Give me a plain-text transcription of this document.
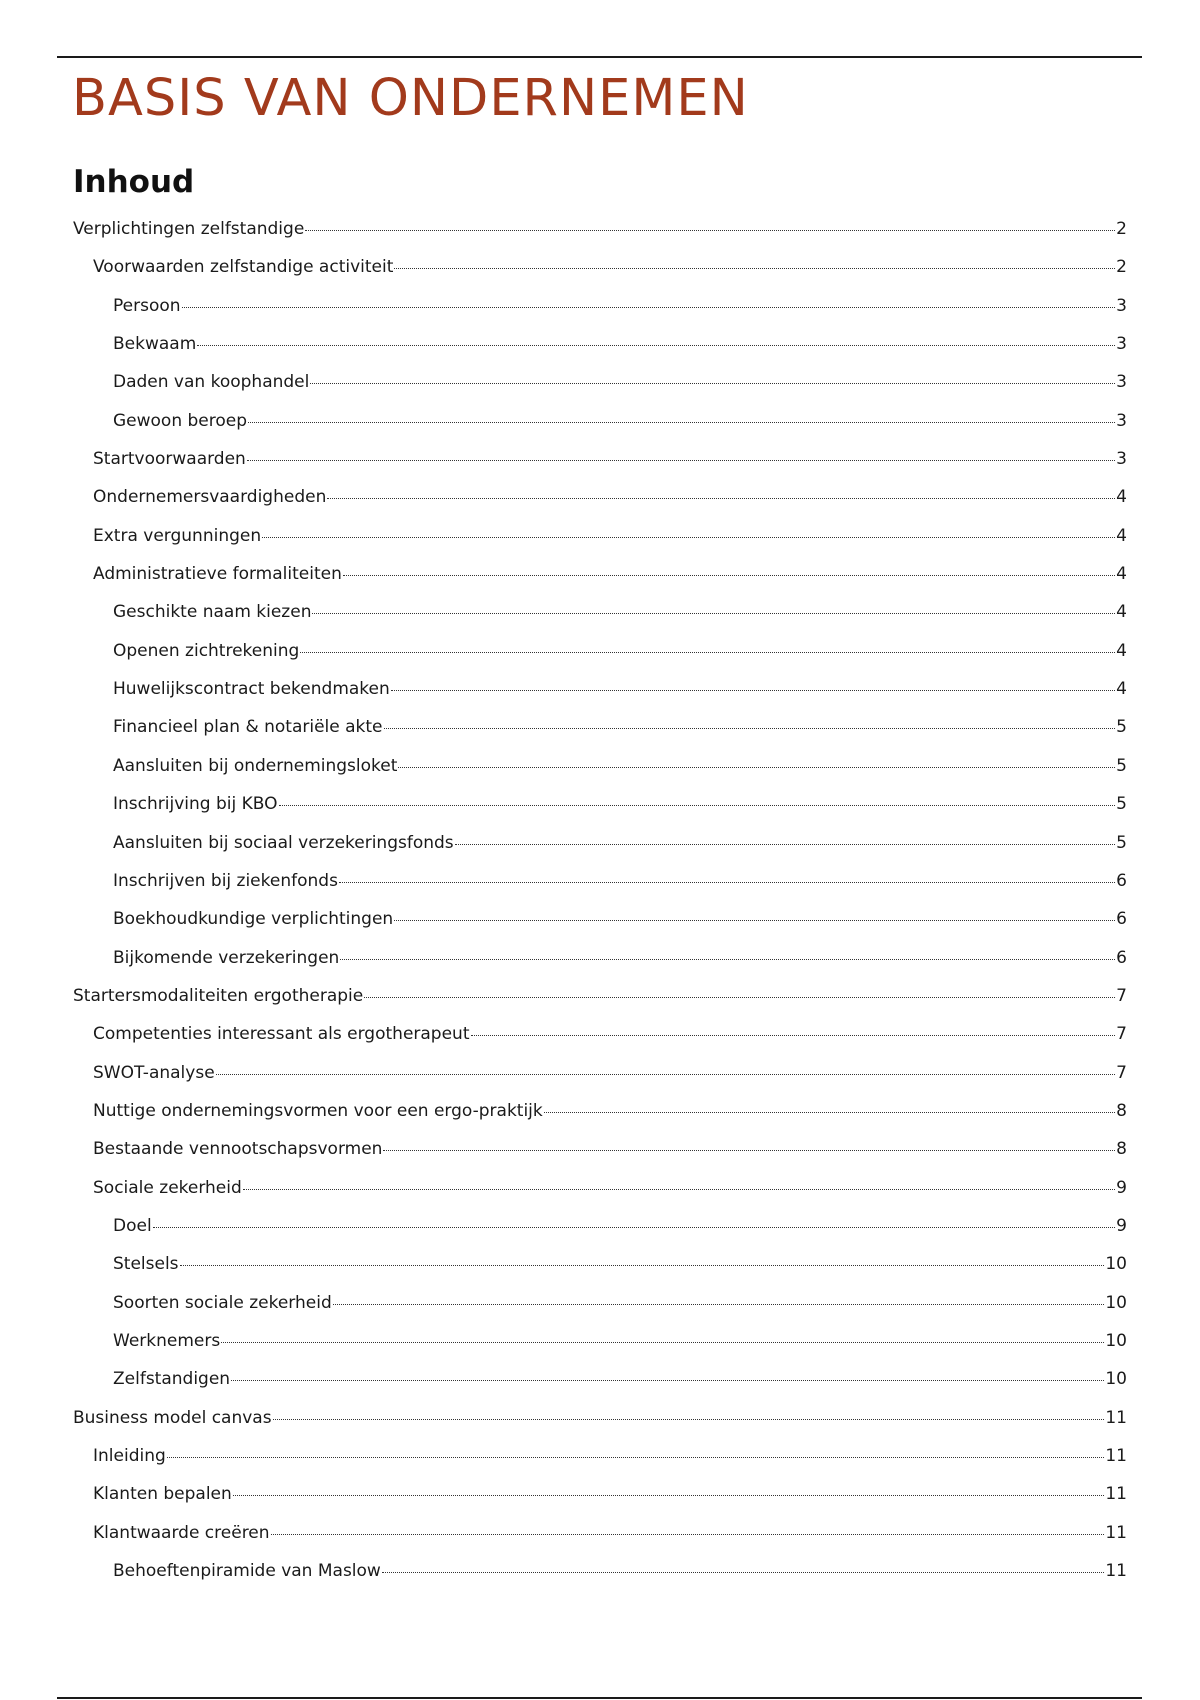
BASIS VAN ONDERNEMEN
Inhoud
Verplichtingen zelfstandige	2
Voorwaarden zelfstandige activiteit	2
Persoon	3
Bekwaam	3
Daden van koophandel	3
Gewoon beroep	3
Startvoorwaarden	3
Ondernemersvaardigheden	4
Extra vergunningen	4
Administratieve formaliteiten	4
Geschikte naam kiezen	4
Openen zichtrekening	4
Huwelijkscontract bekendmaken	4
Financieel plan & notariële akte	5
Aansluiten bij ondernemingsloket	5
Inschrijving bij KBO	5
Aansluiten bij sociaal verzekeringsfonds	5
Inschrijven bij ziekenfonds	6
Boekhoudkundige verplichtingen	6
Bijkomende verzekeringen	6
Startersmodaliteiten ergotherapie	7
Competenties interessant als ergotherapeut	7
SWOT-analyse	7
Nuttige ondernemingsvormen voor een ergo-praktijk	8
Bestaande vennootschapsvormen	8
Sociale zekerheid	9
Doel	9
Stelsels	10
Soorten sociale zekerheid	10
Werknemers	10
Zelfstandigen	10
Business model canvas	11
Inleiding	11
Klanten bepalen	11
Klantwaarde creëren	11
Behoeftenpiramide van Maslow	11
